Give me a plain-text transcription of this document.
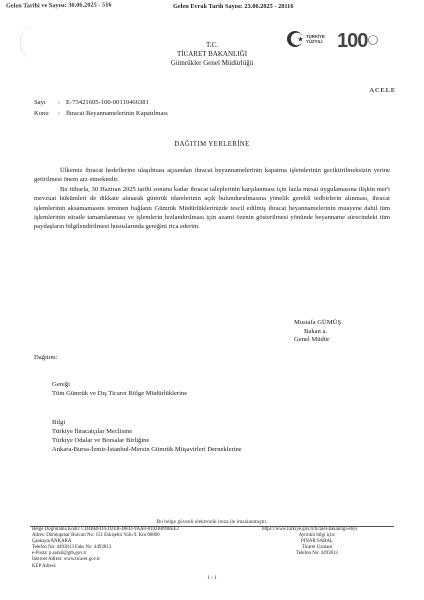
Gelen Tarihi ve Sayısı: 30.06.2025 - 516	Gelen Evrak Tarih Sayısı: 23.06.2025 - 28116
T.C.
TİCARET BAKANLIĞI
Gümrükler Genel Müdürlüğü
TÜRKİYE
YÜZYILI 100
ACELE
Sayı : E-73421605-100-00110466381
Konu : İhracat Beyannamelerinin Kapatılması
DAĞITIM YERLERİNE
Ülkemiz ihracat hedeflerine ulaşılması açısından ihracat beyannamelerinin kapatma işlemlerinin geciktirilmeksizin yerine getirilmesi önem arz etmektedir.
Bu itibarla, 30 Haziran 2025 tarihi sonuna kadar ihracat taleplerinin karşılanması için fazla mesai uygulamasına ilişkin mer'i mevzuat hükümleri de dikkate alınarak gümrük idarelerinin açık bulundurulmasına yönelik gerekli tedbirlerin alınması, ihracat işlemlerinin aksamamasını teminen bağlantı Gümrük Müdürlüklerinizde tescil edilmiş ihracat beyannamelerinin muayene dahil tüm işlemlerinin süratle tamamlanması ve işlemlerin hızlandırılması için azami özenin gösterilmesi yönünde beyanname sürecindeki tüm paydaşların bilgilendirilmesi hususlarında gereğini rica ederim.
Mustafa GÜMÜŞ
Bakan a.
Genel Müdür
Dağıtım:
Gereği
Tüm Gümrük ve Dış Ticaret Bölge Müdürlüklerine
Bilgi
Türkiye İhracatçılar Meclisine
Türkiye Odalar ve Borsalar Birliğine
Ankara-Bursa-İzmir-İstanbul-Mersin Gümrük Müşavirleri Derneklerine
Bu belge güvenli elektronik imza ile imzalanmıştır.
Belge Doğrulama Kodu: CD4BBFD4-D2EB-48FD-9AA0-8102B8998EE2
Adres: Dumlupınar Bulvarı No: 151 Eskişehir Yolu 9. Km 06800
Çankaya/ANKARA
Telefon No: 4493813 Faks No: 4493813
e-Posta: p.sarail@gtb.gov.tr
İnternet Adresi: www.ticaret.gov.tr
KEP Adresi:
https://www.turkiye.gov.tr/ticaret-bakanligi-ebys
Ayrıntılı bilgi için:
PINAR SARAL
Ticaret Uzmanı
Telefon No: 4493813
1 / 1
